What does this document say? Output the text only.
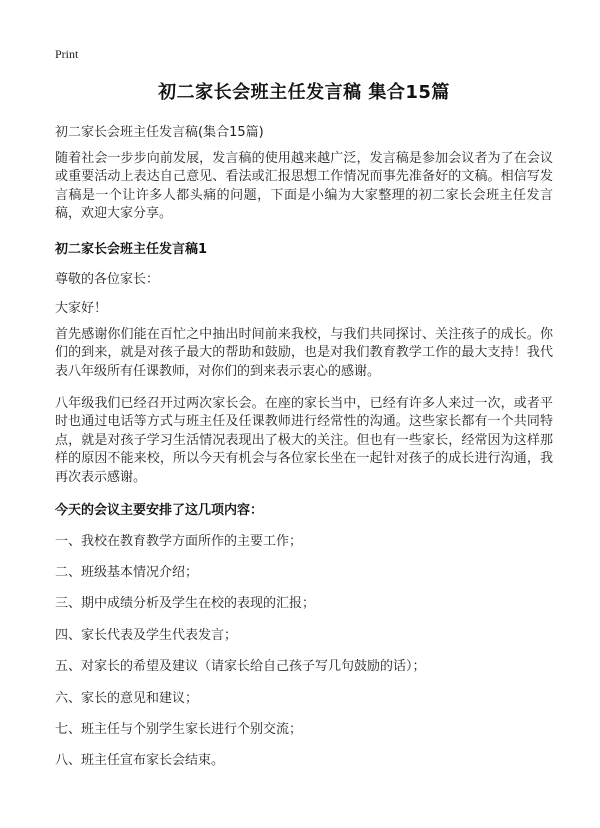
Print
初二家长会班主任发言稿 集合15篇
初二家长会班主任发言稿(集合15篇)

随着社会一步步向前发展，发言稿的使用越来越广泛，发言稿是参加会议者为了在会议或重要活动上表达自己意见、看法或汇报思想工作情况而事先准备好的文稿。相信写发言稿是一个让许多人都头痛的问题，下面是小编为大家整理的初二家长会班主任发言稿，欢迎大家分享。

初二家长会班主任发言稿1
尊敬的各位家长：
大家好！

首先感谢你们能在百忙之中抽出时间前来我校，与我们共同探讨、关注孩子的成长。你们的到来，就是对孩子最大的帮助和鼓励，也是对我们教育教学工作的最大支持！我代表八年级所有任课教师，对你们的到来表示衷心的感谢。

八年级我们已经召开过两次家长会。在座的家长当中，已经有许多人来过一次，或者平时也通过电话等方式与班主任及任课教师进行经常性的沟通。这些家长都有一个共同特点，就是对孩子学习生活情况表现出了极大的关注。但也有一些家长，经常因为这样那样的原因不能来校，所以今天有机会与各位家长坐在一起针对孩子的成长进行沟通，我再次表示感谢。

今天的会议主要安排了这几项内容：
一、我校在教育教学方面所作的主要工作；
二、班级基本情况介绍；
三、期中成绩分析及学生在校的表现的汇报；
四、家长代表及学生代表发言；
五、对家长的希望及建议（请家长给自己孩子写几句鼓励的话）；
六、家长的意见和建议；
七、班主任与个别学生家长进行个别交流；
八、班主任宣布家长会结束。
